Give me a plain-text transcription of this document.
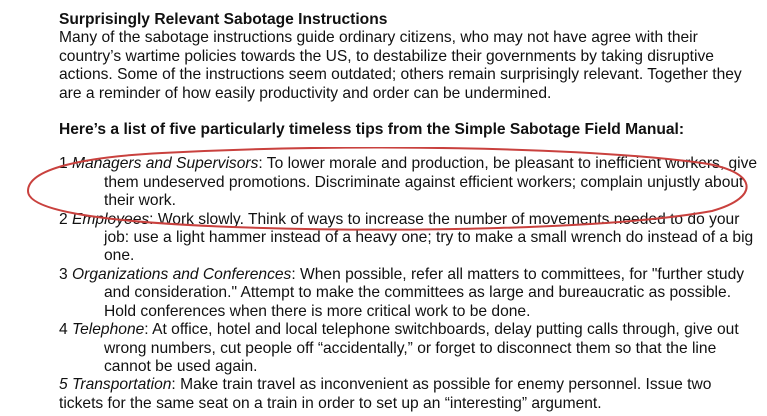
Surprisingly Relevant Sabotage Instructions

Many of the sabotage instructions guide ordinary citizens, who may not have agree with their country’s wartime policies towards the US, to destabilize their governments by taking disruptive actions. Some of the instructions seem outdated; others remain surprisingly relevant. Together they are a reminder of how easily productivity and order can be undermined.

Here’s a list of five particularly timeless tips from the Simple Sabotage Field Manual:

1 Managers and Supervisors: To lower morale and production, be pleasant to inefficient workers, give them undeserved promotions. Discriminate against efficient workers; complain unjustly about their work.

2 Employees: Work slowly. Think of ways to increase the number of movements needed to do your job: use a light hammer instead of a heavy one; try to make a small wrench do instead of a big one.

3 Organizations and Conferences: When possible, refer all matters to committees, for "further study and consideration." Attempt to make the committees as large and bureaucratic as possible. Hold conferences when there is more critical work to be done.

4 Telephone: At office, hotel and local telephone switchboards, delay putting calls through, give out wrong numbers, cut people off “accidentally,” or forget to disconnect them so that the line cannot be used again.

5 Transportation: Make train travel as inconvenient as possible for enemy personnel. Issue two tickets for the same seat on a train in order to set up an “interesting” argument.
